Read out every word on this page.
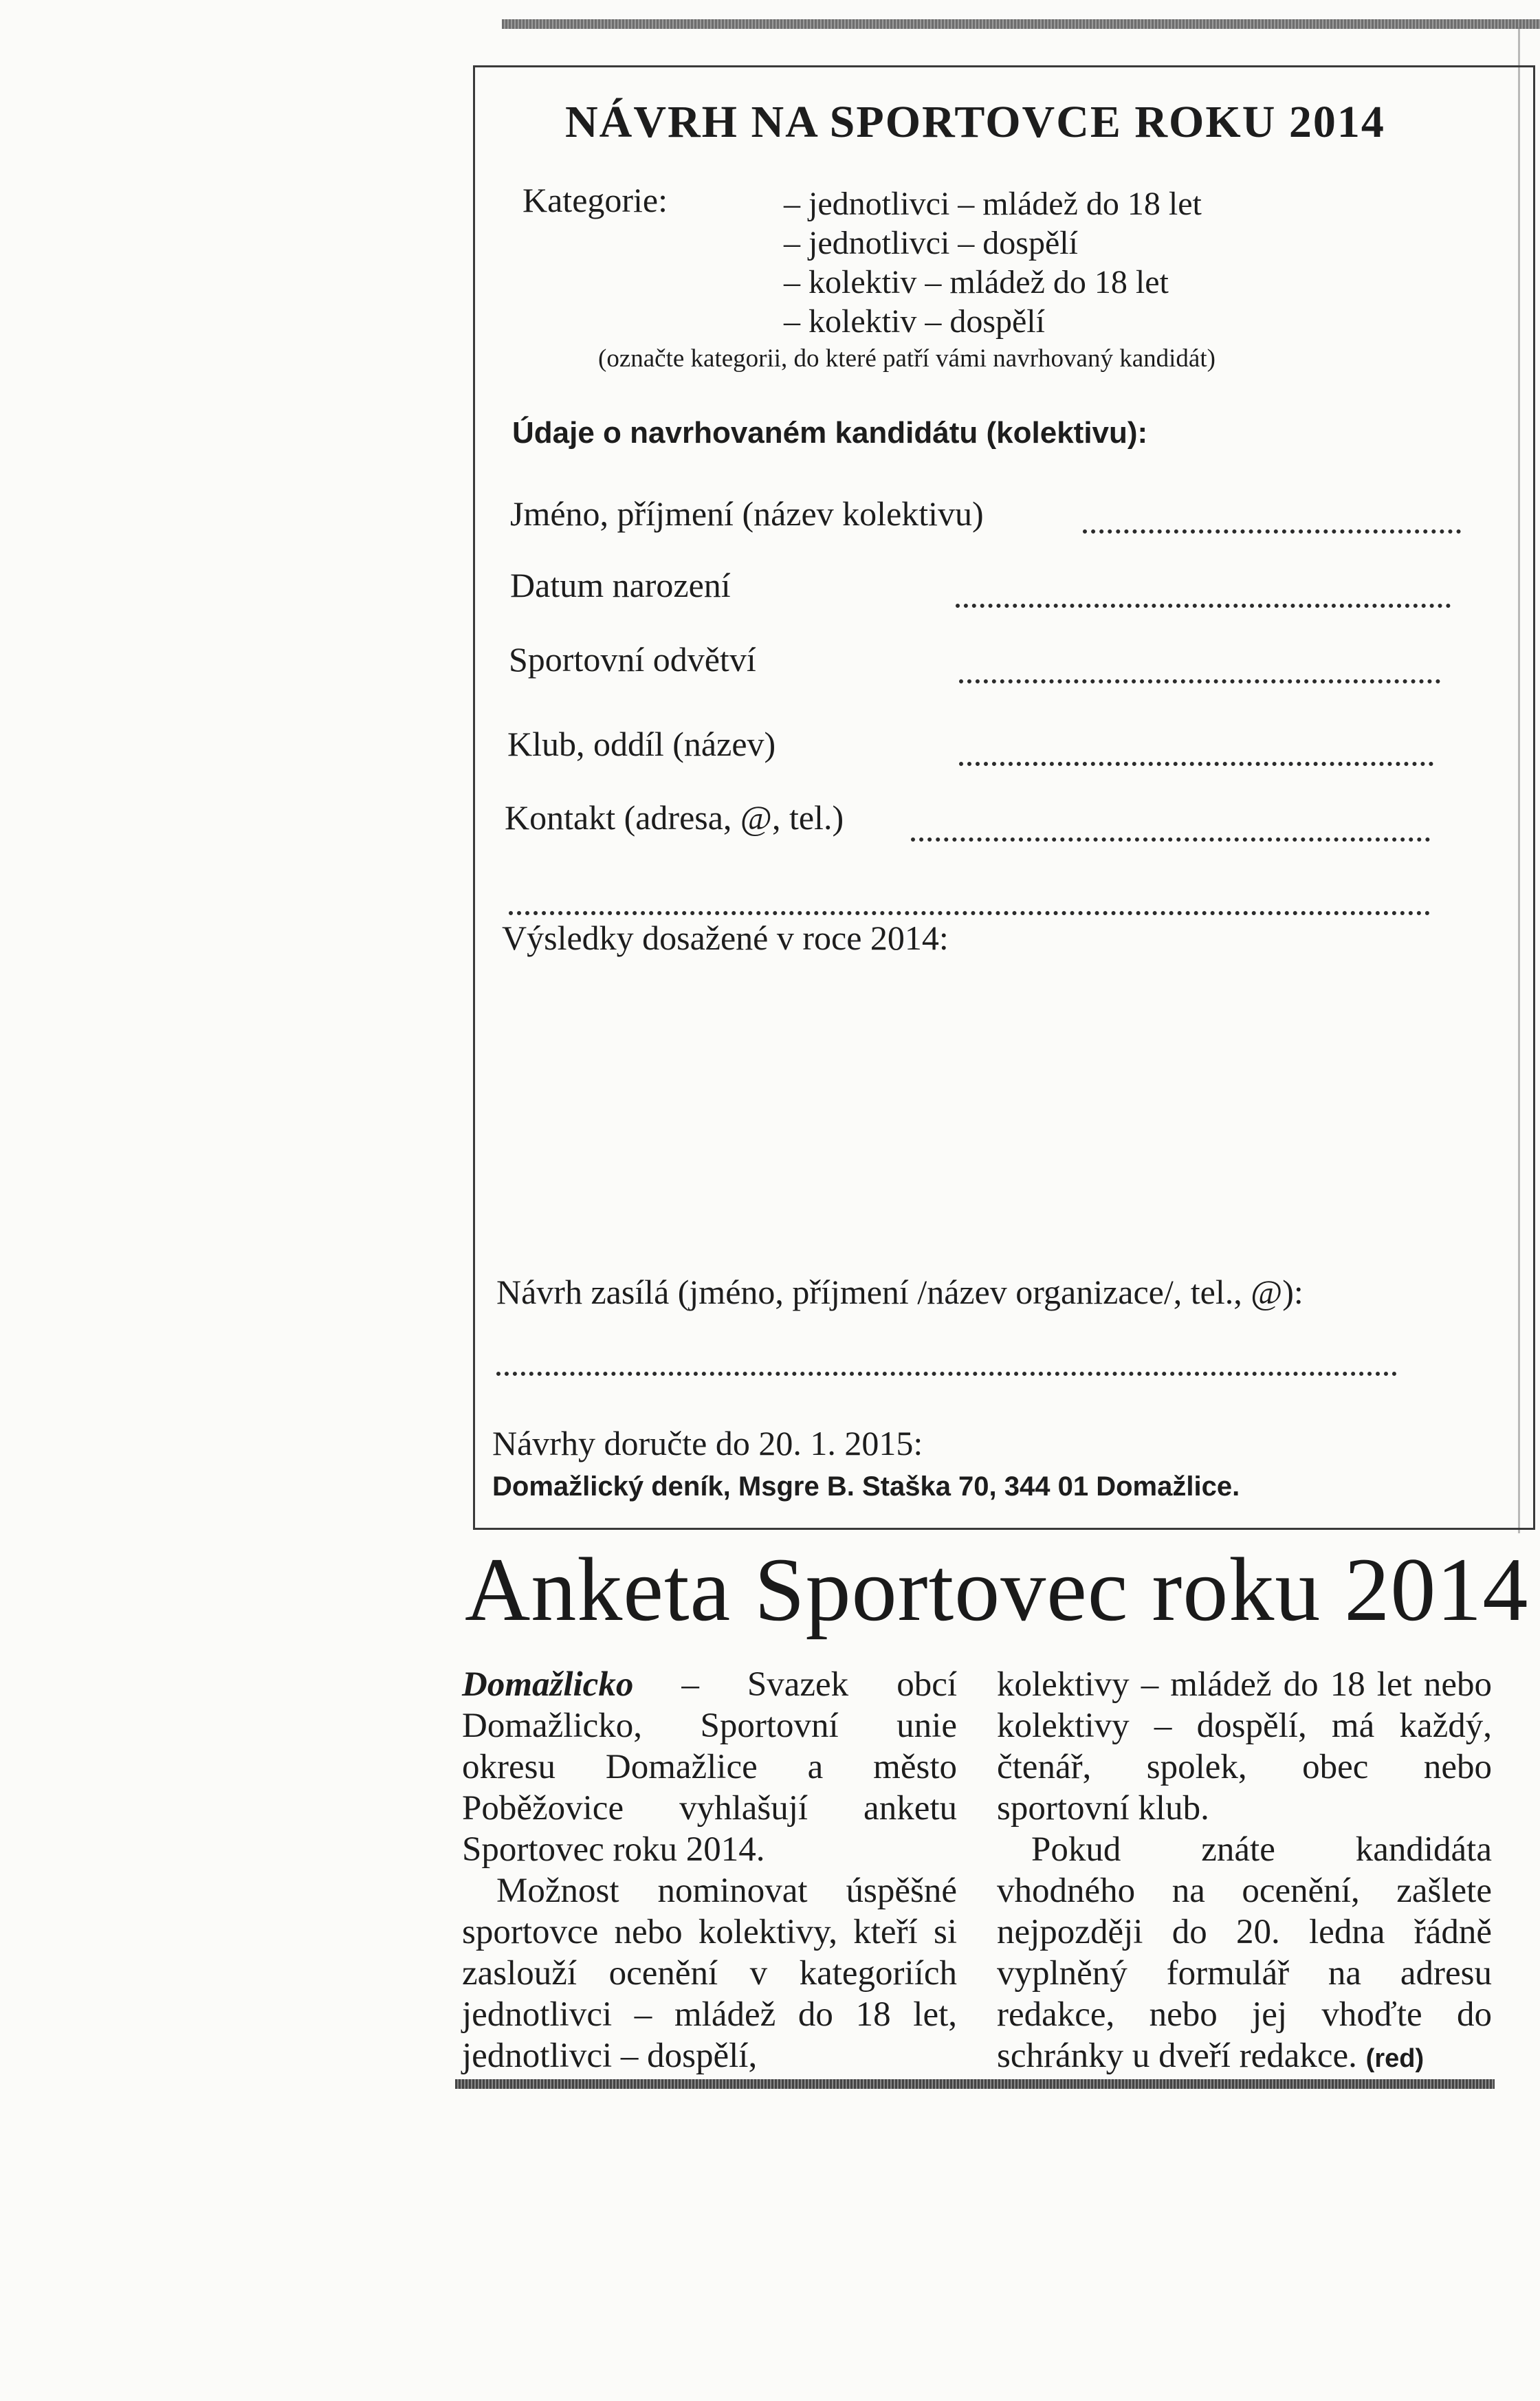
NÁVRH NA SPORTOVCE ROKU 2014
Kategorie:	– jednotlivci – mládež do 18 let
– jednotlivci – dospělí
– kolektiv – mládež do 18 let
– kolektiv – dospělí
(označte kategorii, do které patří vámi navrhovaný kandidát)
Údaje o navrhovaném kandidátu (kolektivu):
Jméno, příjmení (název kolektivu)
Datum narození
Sportovní odvětví
Klub, oddíl (název)
Kontakt (adresa, @, tel.)
Výsledky dosažené v roce 2014:
Návrh zasílá (jméno, příjmení /název organizace/, tel., @):
Návrhy doručte do 20. 1. 2015:
Domažlický deník, Msgre B. Staška 70, 344 01 Domažlice.
Anketa Sportovec roku 2014

Domažlicko – Svazek obcí Domažlicko, Sportovní unie okresu Domažlice a město Poběžovice vyhlašují anketu Sportovec roku 2014.

Možnost nominovat úspěšné sportovce nebo kolektivy, kteří si zaslouží ocenění v kategoriích jednotlivci – mládež do 18 let, jednotlivci – dospělí,

kolektivy – mládež do 18 let nebo kolektivy – dospělí, má každý, čtenář, spolek, obec nebo sportovní klub.

Pokud znáte kandidáta vhodného na ocenění, zašlete nejpozději do 20. ledna řádně vyplněný formulář na adresu redakce, nebo jej vhoďte do schránky u dveří redakce. (red)
